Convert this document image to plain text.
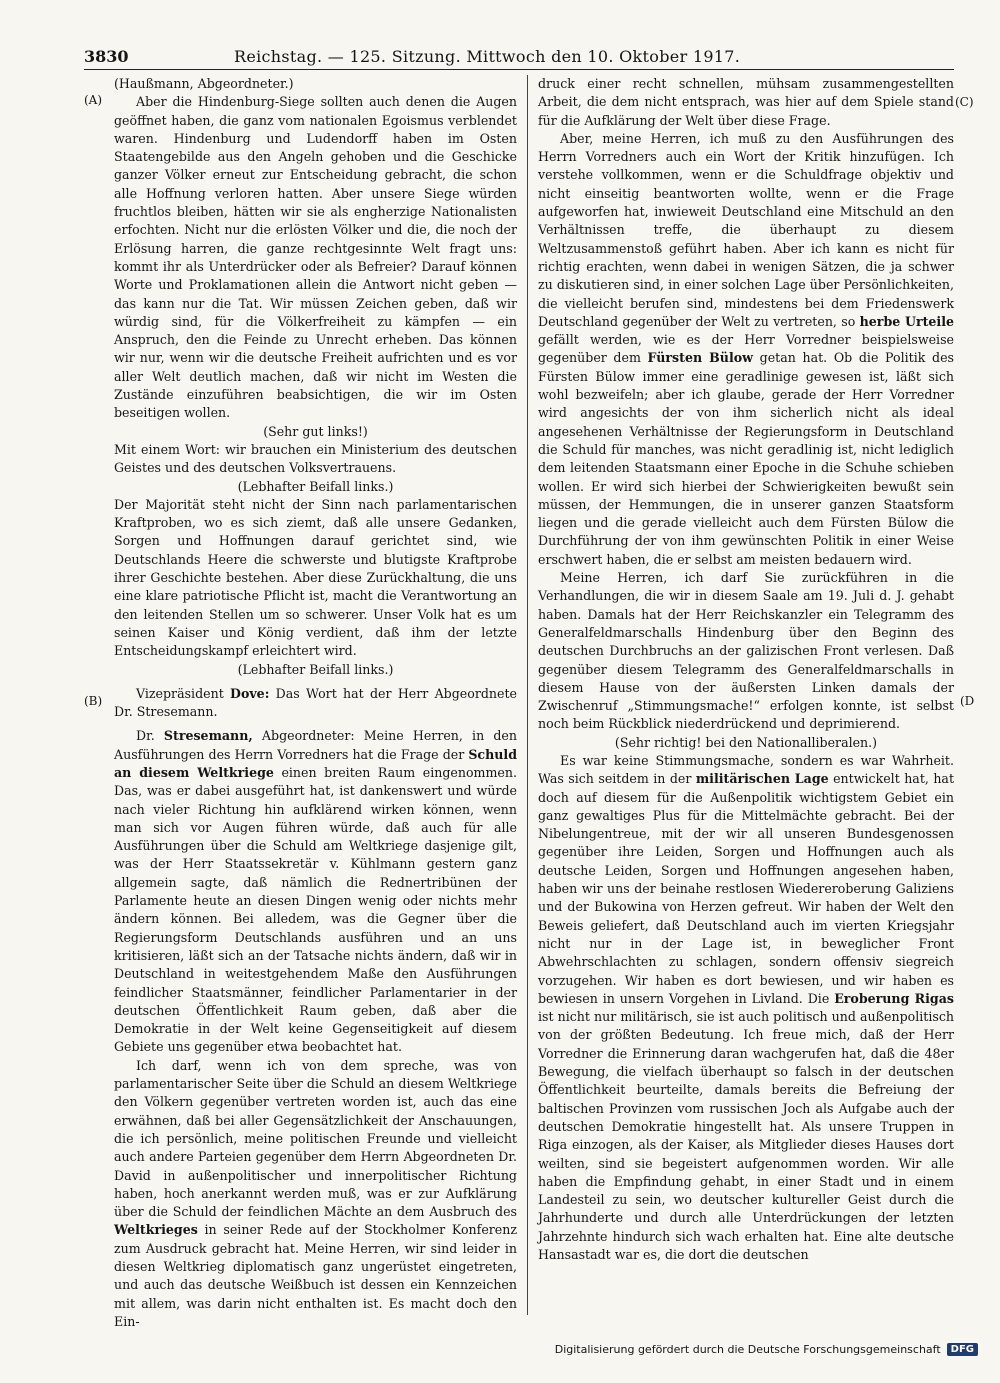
3830	Reichstag. — 125. Sitzung. Mittwoch den 10. Oktober 1917.
(A)
(B)
(C)
(D

(Haußmann, Abgeordneter.)

Aber die Hindenburg-Siege sollten auch denen die Augen geöffnet haben, die ganz vom nationalen Egoismus verblendet waren. Hindenburg und Ludendorff haben im Osten Staatengebilde aus den Angeln gehoben und die Geschicke ganzer Völker erneut zur Entscheidung gebracht, die schon alle Hoffnung verloren hatten. Aber unsere Siege würden fruchtlos bleiben, hätten wir sie als engherzige Nationalisten erfochten. Nicht nur die erlösten Völker und die, die noch der Erlösung harren, die ganze rechtgesinnte Welt fragt uns: kommt ihr als Unterdrücker oder als Befreier? Darauf können Worte und Proklamationen allein die Antwort nicht geben — das kann nur die Tat. Wir müssen Zeichen geben, daß wir würdig sind, für die Völkerfreiheit zu kämpfen — ein Anspruch, den die Feinde zu Unrecht erheben. Das können wir nur, wenn wir die deutsche Freiheit aufrichten und es vor aller Welt deutlich machen, daß wir nicht im Westen die Zustände einzuführen beabsichtigen, die wir im Osten beseitigen wollen.

(Sehr gut links!)

Mit einem Wort: wir brauchen ein Ministerium des deutschen Geistes und des deutschen Volksvertrauens.

(Lebhafter Beifall links.)

Der Majorität steht nicht der Sinn nach parlamentarischen Kraftproben, wo es sich ziemt, daß alle unsere Gedanken, Sorgen und Hoffnungen darauf gerichtet sind, wie Deutschlands Heere die schwerste und blutigste Kraftprobe ihrer Geschichte bestehen. Aber diese Zurückhaltung, die uns eine klare patriotische Pflicht ist, macht die Verantwortung an den leitenden Stellen um so schwerer. Unser Volk hat es um seinen Kaiser und König verdient, daß ihm der letzte Entscheidungskampf erleichtert wird.

(Lebhafter Beifall links.)

Vizepräsident Dove: Das Wort hat der Herr Abgeordnete Dr. Stresemann.

Dr. Stresemann, Abgeordneter: Meine Herren, in den Ausführungen des Herrn Vorredners hat die Frage der Schuld an diesem Weltkriege einen breiten Raum eingenommen. Das, was er dabei ausgeführt hat, ist dankenswert und würde nach vieler Richtung hin aufklärend wirken können, wenn man sich vor Augen führen würde, daß auch für alle Ausführungen über die Schuld am Weltkriege dasjenige gilt, was der Herr Staatssekretär v. Kühlmann gestern ganz allgemein sagte, daß nämlich die Rednertribünen der Parlamente heute an diesen Dingen wenig oder nichts mehr ändern können. Bei alledem, was die Gegner über die Regierungsform Deutschlands ausführen und an uns kritisieren, läßt sich an der Tatsache nichts ändern, daß wir in Deutschland in weitestgehendem Maße den Ausführungen feindlicher Staatsmänner, feindlicher Parlamentarier in der deutschen Öffentlichkeit Raum geben, daß aber die Demokratie in der Welt keine Gegenseitigkeit auf diesem Gebiete uns gegenüber etwa beobachtet hat.

Ich darf, wenn ich von dem spreche, was von parlamentarischer Seite über die Schuld an diesem Weltkriege den Völkern gegenüber vertreten worden ist, auch das eine erwähnen, daß bei aller Gegensätzlichkeit der Anschauungen, die ich persönlich, meine politischen Freunde und vielleicht auch andere Parteien gegenüber dem Herrn Abgeordneten Dr. David in außenpolitischer und innerpolitischer Richtung haben, hoch anerkannt werden muß, was er zur Aufklärung über die Schuld der feindlichen Mächte an dem Ausbruch des Weltkrieges in seiner Rede auf der Stockholmer Konferenz zum Ausdruck gebracht hat. Meine Herren, wir sind leider in diesen Weltkrieg diplomatisch ganz ungerüstet eingetreten, und auch das deutsche Weißbuch ist dessen ein Kennzeichen mit allem, was darin nicht enthalten ist. Es macht doch den Ein-

druck einer recht schnellen, mühsam zusammengestellten Arbeit, die dem nicht entsprach, was hier auf dem Spiele stand für die Aufklärung der Welt über diese Frage.

Aber, meine Herren, ich muß zu den Ausführungen des Herrn Vorredners auch ein Wort der Kritik hinzufügen. Ich verstehe vollkommen, wenn er die Schuldfrage objektiv und nicht einseitig beantworten wollte, wenn er die Frage aufgeworfen hat, inwieweit Deutschland eine Mitschuld an den Verhältnissen treffe, die überhaupt zu diesem Weltzusammenstoß geführt haben. Aber ich kann es nicht für richtig erachten, wenn dabei in wenigen Sätzen, die ja schwer zu diskutieren sind, in einer solchen Lage über Persönlichkeiten, die vielleicht berufen sind, mindestens bei dem Friedenswerk Deutschland gegenüber der Welt zu vertreten, so herbe Urteile gefällt werden, wie es der Herr Vorredner beispielsweise gegenüber dem Fürsten Bülow getan hat. Ob die Politik des Fürsten Bülow immer eine geradlinige gewesen ist, läßt sich wohl bezweifeln; aber ich glaube, gerade der Herr Vorredner wird angesichts der von ihm sicherlich nicht als ideal angesehenen Verhältnisse der Regierungsform in Deutschland die Schuld für manches, was nicht geradlinig ist, nicht lediglich dem leitenden Staatsmann einer Epoche in die Schuhe schieben wollen. Er wird sich hierbei der Schwierigkeiten bewußt sein müssen, der Hemmungen, die in unserer ganzen Staatsform liegen und die gerade vielleicht auch dem Fürsten Bülow die Durchführung der von ihm gewünschten Politik in einer Weise erschwert haben, die er selbst am meisten bedauern wird.

Meine Herren, ich darf Sie zurückführen in die Verhandlungen, die wir in diesem Saale am 19. Juli d. J. gehabt haben. Damals hat der Herr Reichskanzler ein Telegramm des Generalfeldmarschalls Hindenburg über den Beginn des deutschen Durchbruchs an der galizischen Front verlesen. Daß gegenüber diesem Telegramm des Generalfeldmarschalls in diesem Hause von der äußersten Linken damals der Zwischenruf „Stimmungsmache!“ erfolgen konnte, ist selbst noch beim Rückblick niederdrückend und deprimierend.

(Sehr richtig! bei den Nationalliberalen.)

Es war keine Stimmungsmache, sondern es war Wahrheit. Was sich seitdem in der militärischen Lage entwickelt hat, hat doch auf diesem für die Außenpolitik wichtigstem Gebiet ein ganz gewaltiges Plus für die Mittelmächte gebracht. Bei der Nibelungentreue, mit der wir all unseren Bundesgenossen gegenüber ihre Leiden, Sorgen und Hoffnungen auch als deutsche Leiden, Sorgen und Hoffnungen angesehen haben, haben wir uns der beinahe restlosen Wiedereroberung Galiziens und der Bukowina von Herzen gefreut. Wir haben der Welt den Beweis geliefert, daß Deutschland auch im vierten Kriegsjahr nicht nur in der Lage ist, in beweglicher Front Abwehrschlachten zu schlagen, sondern offensiv siegreich vorzugehen. Wir haben es dort bewiesen, und wir haben es bewiesen in unsern Vorgehen in Livland. Die Eroberung Rigas ist nicht nur militärisch, sie ist auch politisch und außenpolitisch von der größten Bedeutung. Ich freue mich, daß der Herr Vorredner die Erinnerung daran wachgerufen hat, daß die 48er Bewegung, die vielfach überhaupt so falsch in der deutschen Öffentlichkeit beurteilte, damals bereits die Befreiung der baltischen Provinzen vom russischen Joch als Aufgabe auch der deutschen Demokratie hingestellt hat. Als unsere Truppen in Riga einzogen, als der Kaiser, als Mitglieder dieses Hauses dort weilten, sind sie begeistert aufgenommen worden. Wir alle haben die Empfindung gehabt, in einer Stadt und in einem Landesteil zu sein, wo deutscher kultureller Geist durch die Jahrhunderte und durch alle Unterdrückungen der letzten Jahrzehnte hindurch sich wach erhalten hat. Eine alte deutsche Hansastadt war es, die dort die deutschen

Digitalisierung gefördert durch die Deutsche Forschungsgemeinschaft	DFG
